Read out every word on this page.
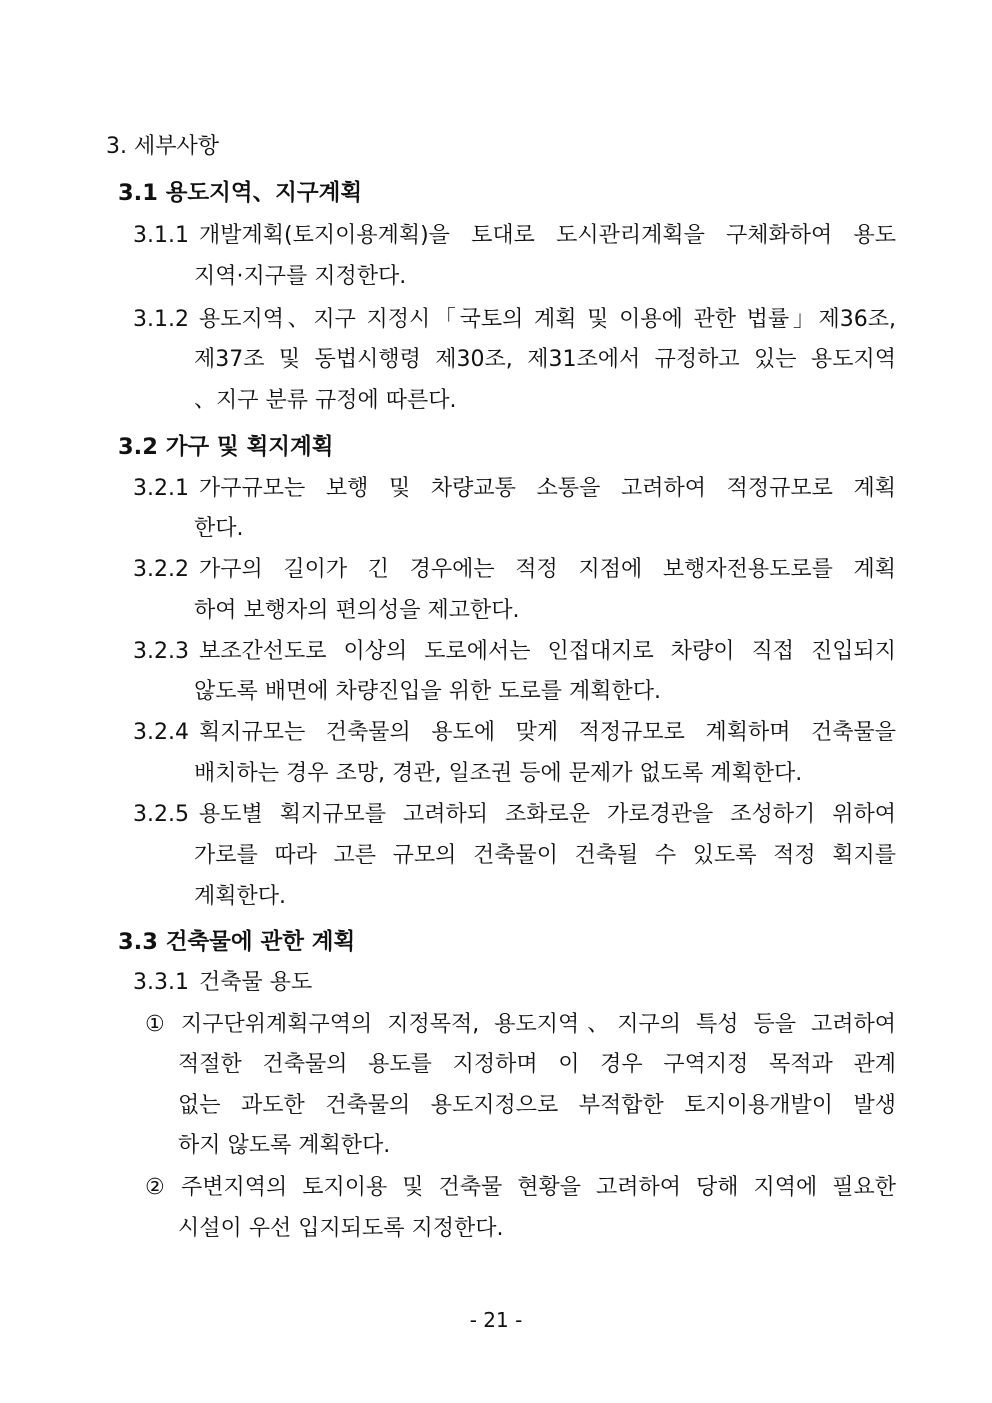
3. 세부사항
3.1 용도지역、지구계획
3.1.1 개발계획(토지이용계획)을 토대로 도시관리계획을 구체화하여 용도
지역·지구를 지정한다.
3.1.2 용도지역、지구 지정시「국토의 계획 및 이용에 관한 법률」제36조,
제37조 및 동법시행령 제30조, 제31조에서 규정하고 있는 용도지역
、지구 분류 규정에 따른다.
3.2 가구 및 획지계획
3.2.1 가구규모는 보행 및 차량교통 소통을 고려하여 적정규모로 계획
한다.
3.2.2 가구의 길이가 긴 경우에는 적정 지점에 보행자전용도로를 계획
하여 보행자의 편의성을 제고한다.
3.2.3 보조간선도로 이상의 도로에서는 인접대지로 차량이 직접 진입되지
않도록 배면에 차량진입을 위한 도로를 계획한다.
3.2.4 획지규모는 건축물의 용도에 맞게 적정규모로 계획하며 건축물을
배치하는 경우 조망, 경관, 일조권 등에 문제가 없도록 계획한다.
3.2.5 용도별 획지규모를 고려하되 조화로운 가로경관을 조성하기 위하여
가로를 따라 고른 규모의 건축물이 건축될 수 있도록 적정 획지를
계획한다.
3.3 건축물에 관한 계획
3.3.1 건축물 용도
① 지구단위계획구역의 지정목적, 용도지역、지구의 특성 등을 고려하여
적절한 건축물의 용도를 지정하며 이 경우 구역지정 목적과 관계
없는 과도한 건축물의 용도지정으로 부적합한 토지이용개발이 발생
하지 않도록 계획한다.
② 주변지역의 토지이용 및 건축물 현황을 고려하여 당해 지역에 필요한
시설이 우선 입지되도록 지정한다.
- 21 -
